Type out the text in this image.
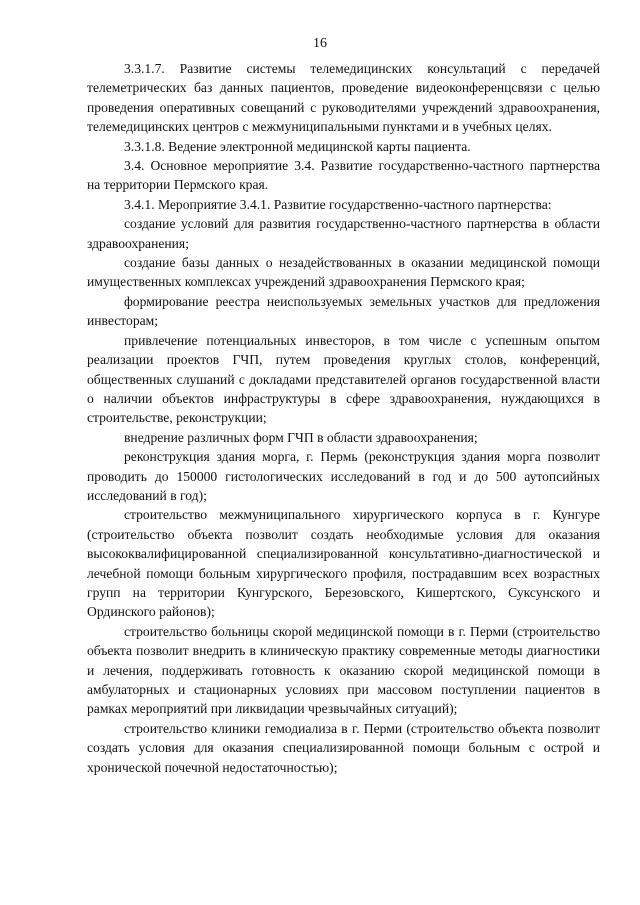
16

3.3.1.7. Развитие системы телемедицинских консультаций с передачей телеметрических баз данных пациентов, проведение видеоконференцсвязи с целью проведения оперативных совещаний с руководителями учреждений здравоохранения, телемедицинских центров с межмуниципальными пунктами и в учебных целях.

3.3.1.8. Ведение электронной медицинской карты пациента.

3.4. Основное мероприятие 3.4. Развитие государственно-частного партнерства на территории Пермского края.

3.4.1. Мероприятие 3.4.1. Развитие государственно-частного партнерства:

создание условий для развития государственно-частного партнерства в области здравоохранения;

создание базы данных о незадействованных в оказании медицинской помощи имущественных комплексах учреждений здравоохранения Пермского края;

формирование реестра неиспользуемых земельных участков для предложения инвесторам;

привлечение потенциальных инвесторов, в том числе с успешным опытом реализации проектов ГЧП, путем проведения круглых столов, конференций, общественных слушаний с докладами представителей органов государственной власти о наличии объектов инфраструктуры в сфере здравоохранения, нуждающихся в строительстве, реконструкции;

внедрение различных форм ГЧП в области здравоохранения;

реконструкция здания морга, г. Пермь (реконструкция здания морга позволит проводить до 150000 гистологических исследований в год и до 500 аутопсийных исследований в год);

строительство межмуниципального хирургического корпуса в г. Кунгуре (строительство объекта позволит создать необходимые условия для оказания высококвалифицированной специализированной консультативно-диагностической и лечебной помощи больным хирургического профиля, пострадавшим всех возрастных групп на территории Кунгурского, Березовского, Кишертского, Суксунского и Ординского районов);

строительство больницы скорой медицинской помощи в г. Перми (строительство объекта позволит внедрить в клиническую практику современные методы диагностики и лечения, поддерживать готовность к оказанию скорой медицинской помощи в амбулаторных и стационарных условиях при массовом поступлении пациентов в рамках мероприятий при ликвидации чрезвычайных ситуаций);

строительство клиники гемодиализа в г. Перми (строительство объекта позволит создать условия для оказания специализированной помощи больным с острой и хронической почечной недостаточностью);
